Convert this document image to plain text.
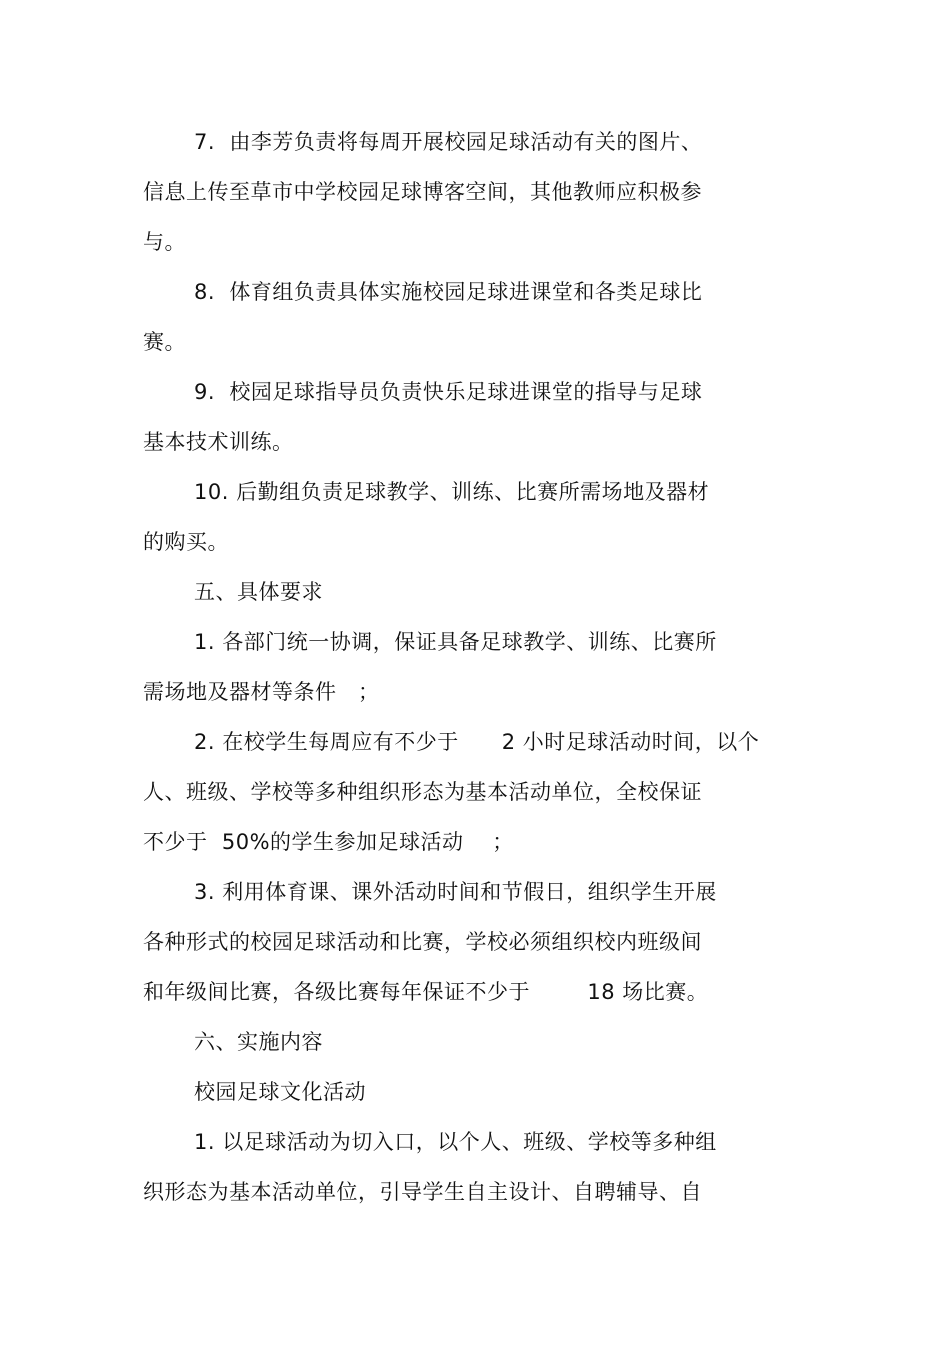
7.  由李芳负责将每周开展校园足球活动有关的图片、
信息上传至草市中学校园足球博客空间，其他教师应积极参
与。
8.  体育组负责具体实施校园足球进课堂和各类足球比
赛。
9.  校园足球指导员负责快乐足球进课堂的指导与足球
基本技术训练。
10. 后勤组负责足球教学、训练、比赛所需场地及器材
的购买。
五、具体要求
1. 各部门统一协调，保证具备足球教学、训练、比赛所
需场地及器材等条件   ；
2. 在校学生每周应有不少于      2 小时足球活动时间，以个
人、班级、学校等多种组织形态为基本活动单位，全校保证
不少于  50%的学生参加足球活动    ；
3. 利用体育课、课外活动时间和节假日，组织学生开展
各种形式的校园足球活动和比赛，学校必须组织校内班级间
和年级间比赛，各级比赛每年保证不少于        18 场比赛。
六、实施内容
校园足球文化活动
1. 以足球活动为切入口，以个人、班级、学校等多种组
织形态为基本活动单位，引导学生自主设计、自聘辅导、自
